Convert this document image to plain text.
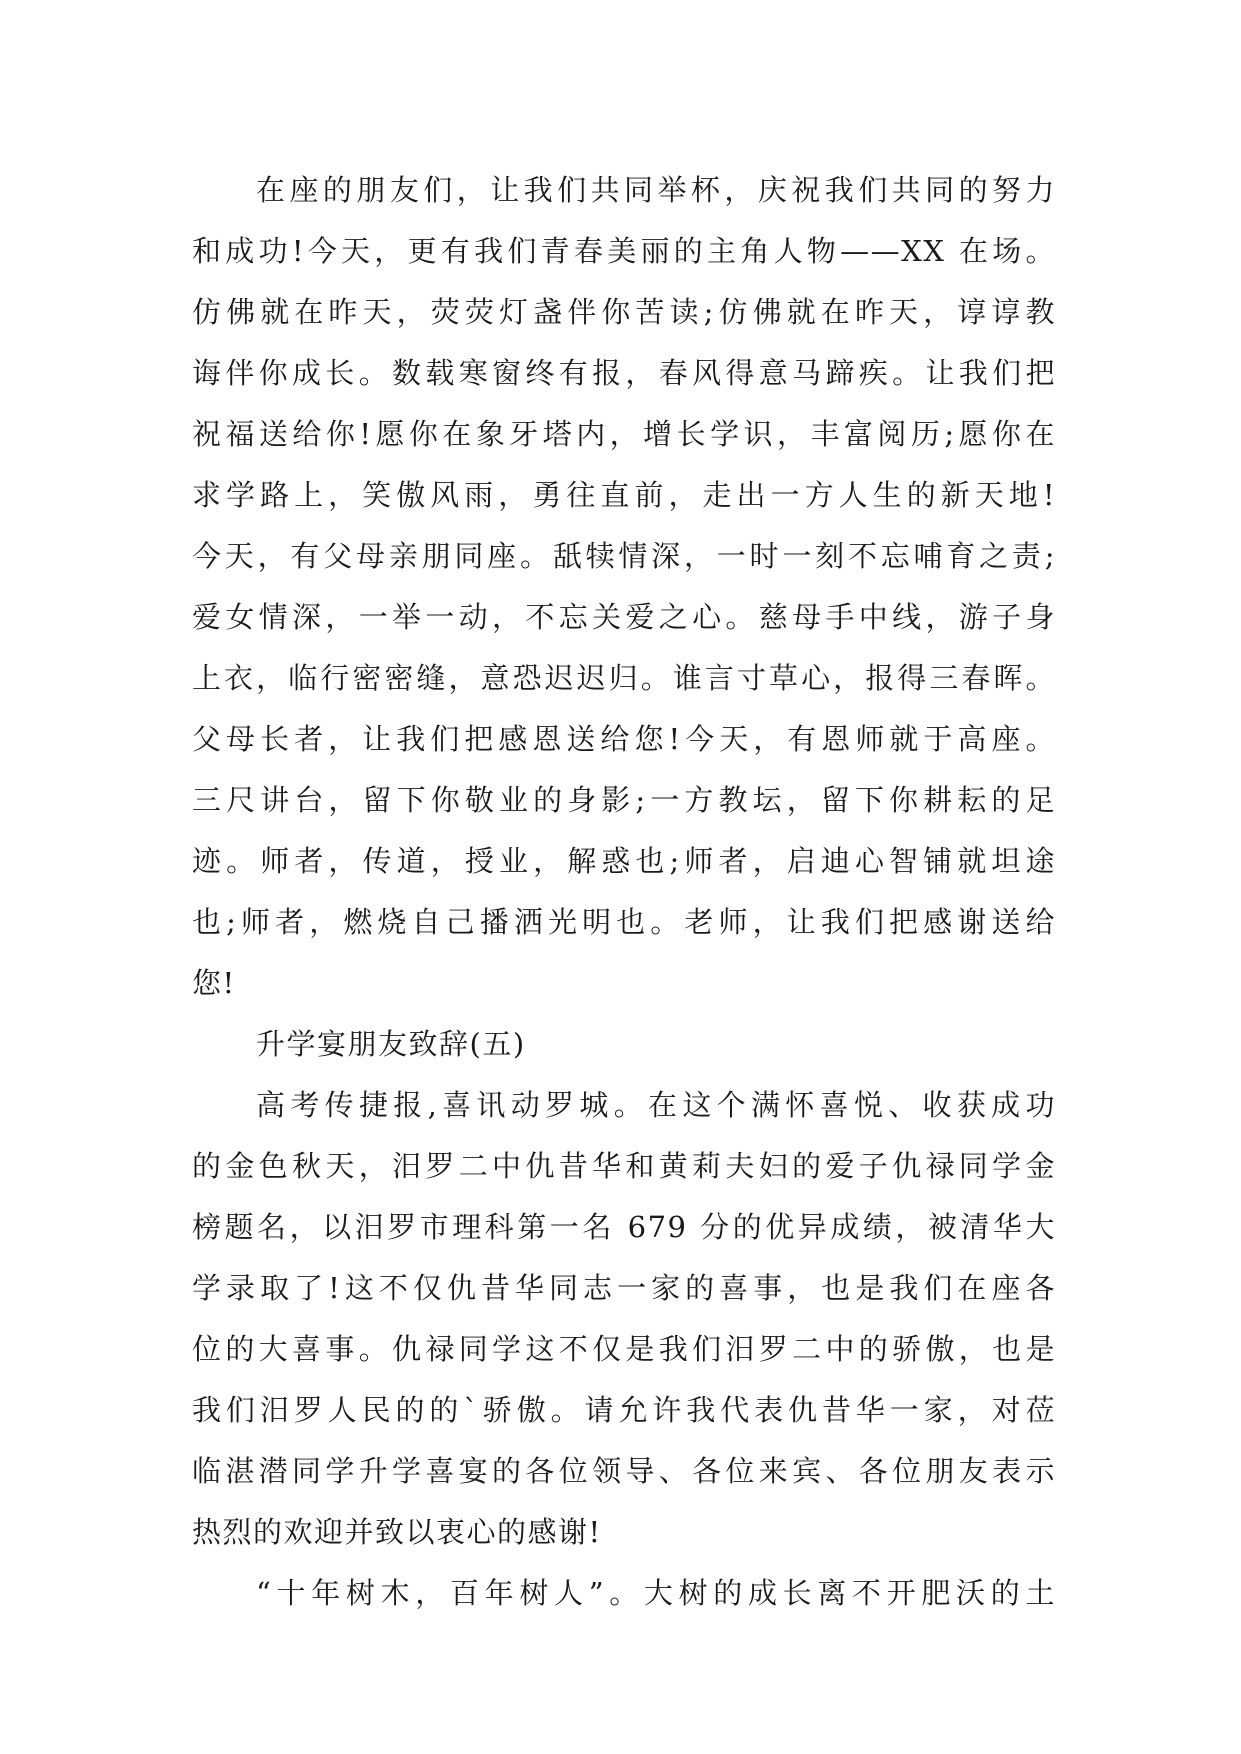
在座的朋友们，让我们共同举杯，庆祝我们共同的努力
和成功!今天，更有我们青春美丽的主角人物——XX 在场。
仿佛就在昨天，荧荧灯盏伴你苦读;仿佛就在昨天，谆谆教
诲伴你成长。数载寒窗终有报，春风得意马蹄疾。让我们把
祝福送给你!愿你在象牙塔内，增长学识，丰富阅历;愿你在
求学路上，笑傲风雨，勇往直前，走出一方人生的新天地!
今天，有父母亲朋同座。舐犊情深，一时一刻不忘哺育之责;
爱女情深，一举一动，不忘关爱之心。慈母手中线，游子身
上衣，临行密密缝，意恐迟迟归。谁言寸草心，报得三春晖。
父母长者，让我们把感恩送给您!今天，有恩师就于高座。
三尺讲台，留下你敬业的身影;一方教坛，留下你耕耘的足
迹。师者，传道，授业，解惑也;师者，启迪心智铺就坦途
也;师者，燃烧自己播洒光明也。老师，让我们把感谢送给
您!
升学宴朋友致辞(五)
高考传捷报,喜讯动罗城。在这个满怀喜悦、收获成功
的金色秋天，汨罗二中仇昔华和黄莉夫妇的爱子仇禄同学金
榜题名，以汨罗市理科第一名 679 分的优异成绩，被清华大
学录取了!这不仅仇昔华同志一家的喜事，也是我们在座各
位的大喜事。仇禄同学这不仅是我们汨罗二中的骄傲，也是
我们汨罗人民的的`骄傲。请允许我代表仇昔华一家，对莅
临湛潜同学升学喜宴的各位领导、各位来宾、各位朋友表示
热烈的欢迎并致以衷心的感谢!
“十年树木，百年树人”。大树的成长离不开肥沃的土
